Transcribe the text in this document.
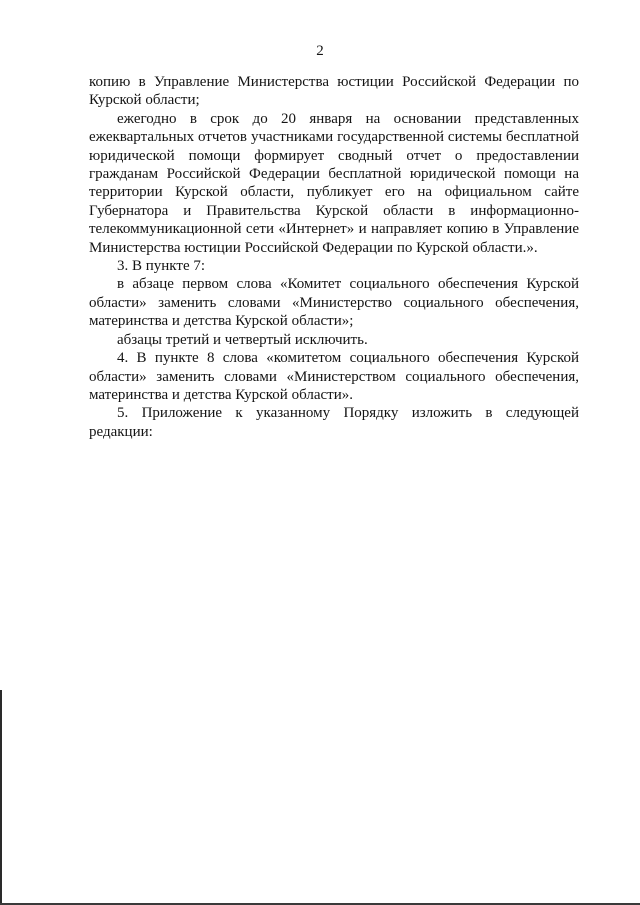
2

копию в Управление Министерства юстиции Российской Федерации по Курской области;

ежегодно в срок до 20 января на основании представленных ежеквартальных отчетов участниками государственной системы бесплатной юридической помощи формирует сводный отчет о предоставлении гражданам Российской Федерации бесплатной юридической помощи на территории Курской области, публикует его на официальном сайте Губернатора и Правительства Курской области в информационно-телекоммуникационной сети «Интернет» и направляет копию в Управление Министерства юстиции Российской Федерации по Курской области.».

3. В пункте 7:

в абзаце первом слова «Комитет социального обеспечения Курской области» заменить словами «Министерство социального обеспечения, материнства и детства Курской области»;

абзацы третий и четвертый исключить.

4. В пункте 8 слова «комитетом социального обеспечения Курской области» заменить словами «Министерством социального обеспечения, материнства и детства Курской области».

5. Приложение к указанному Порядку изложить в следующей редакции:
